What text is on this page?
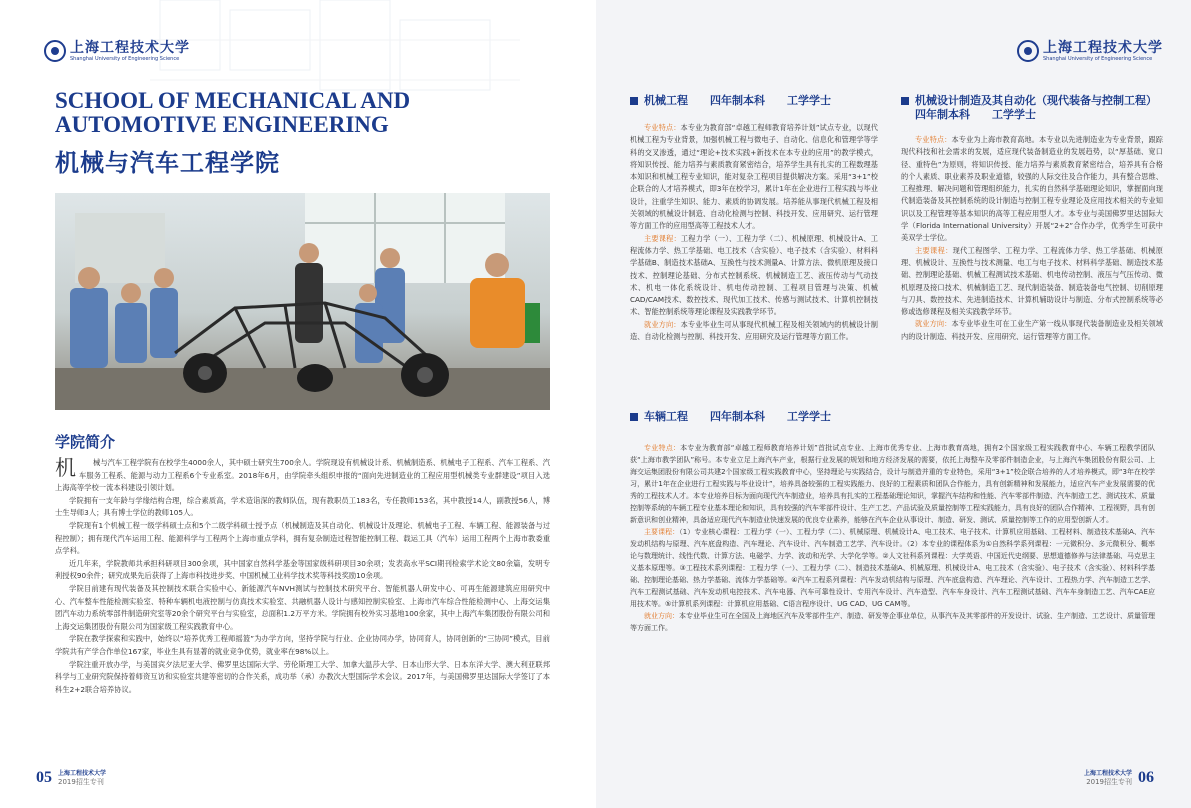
上海工程技术大学
Shanghai University of Engineering Science
SCHOOL OF MECHANICAL AND
AUTOMOTIVE ENGINEERING
机械与汽车工程学院
学院简介

机 械与汽车工程学院有在校学生4000余人，其中硕士研究生700余人。学院现设有机械设计系、机械制造系、机械电子工程系、汽车工程系、汽车服务工程系、能源与动力工程系6个专业系室。2018年6月，由学院牵头组织申报的“面向先进制造业的工程应用型机械类专业群建设”项目入选上海高等学校一流本科建设引领计划。

学院拥有一支年龄与学缘结构合理，综合素质高，学术造诣深的教师队伍，现有教职员工183名，专任教师153名，其中教授14人，副教授56人，博士生导师3人；具有博士学位的教师105人。

学院现有1个机械工程一级学科硕士点和5个二级学科硕士授予点（机械制造及其自动化、机械设计及理论、机械电子工程、车辆工程、能源装备与过程控制）；拥有现代汽车运用工程、能源科学与工程两个上海市重点学科，拥有复杂制造过程智能控制工程、载运工具（汽车）运用工程两个上海市教委重点学科。

近几年来，学院教师共承担科研项目300余项，其中国家自然科学基金等国家级科研项目30余项；发表高水平SCI期刊检索学术论文80余篇，发明专利授权90余件；研究成果先后获得了上海市科技进步奖、中国机械工业科学技术奖等科技奖励10余项。

学院目前建有现代装备及其控制技术联合实验中心、新能源汽车NVH测试与控制技术研究平台、智能机器人研发中心、可再生能源建筑应用研究中心、汽车整车性能检测实验室、特种车辆机电液控制与仿真技术实验室、共融机器人设计与感知控制实验室、上海市汽车综合性能检测中心、上海交运集团汽车动力系统零部件制造研究室等20余个研究平台与实验室，总面积1.2万平方米。学院拥有校外实习基地100余家，其中上海汽车集团股份有限公司和上海交运集团股份有限公司为国家级工程实践教育中心。

学院在教学探索和实践中，始终以“培养优秀工程师摇篮”为办学方向，坚持学院与行业、企业协同办学，协同育人，协同创新的“三协同”模式，目前学院共有产学合作单位167家，毕业生具有显著的就业竞争优势，就业率在98%以上。

学院注重开放办学，与美国宾夕法尼亚大学、佛罗里达国际大学、劳伦斯理工大学、加拿大温莎大学、日本山形大学、日本东洋大学、澳大利亚联邦科学与工业研究院保持着师资互访和实验室共建等密切的合作关系，成功举（承）办教次大型国际学术会议。2017年，与美国佛罗里达国际大学签订了本科生2+2联合培养协议。

05 上海工程技术大学
2019招生专刊
上海工程技术大学
Shanghai University of Engineering Science
上海工程技术大学
2019招生专刊 06
机械工程　　四年制本科　　工学学士

专业特点：本专业为教育部“卓越工程师教育培养计划”试点专业，以现代机械工程为专业背景，加强机械工程与微电子、自动化、信息化和管理学等学科的交叉渗透，通过“理论+技术实践+新技术在本专业的应用”的教学模式，将知识传授、能力培养与素质教育紧密结合，培养学生具有扎实的工程数理基本知识和机械工程专业知识，能对复杂工程项目提供解决方案。采用“3+1”校企联合的人才培养模式，即3年在校学习，累计1年在企业进行工程实践与毕业设计，注重学生知识、能力、素质的协调发展。培养能从事现代机械工程及相关领域的机械设计制造、自动化检测与控制、科技开发、应用研究、运行管理等方面工作的应用型高等工程技术人才。

主要课程：工程力学（一）、工程力学（二）、机械原理、机械设计A、工程流体力学、热工学基础、电工技术（含实验）、电子技术（含实验）、材料科学基础B、制造技术基础A、互换性与技术测量A、计算方法、微机原理及接口技术、控制理论基础、分布式控制系统、机械制造工艺、液压传动与气动技术、机电一体化系统设计、机电传动控制、工程项目管理与决策、机械CAD/CAM技术、数控技术、现代加工技术、传感与测试技术、计算机控制技术、智能控制系统等理论课程及实践教学环节。

就业方向：本专业毕业生可从事现代机械工程及相关领域内的机械设计制造、自动化检测与控制、科技开发、应用研究及运行管理等方面工作。

机械设计制造及其自动化（现代装备与控制工程）　四年制本科　　工学学士

专业特点：本专业为上海市教育高地。本专业以先进制造业为专业背景，跟踪现代科技和社会需求的发展，适应现代装备制造业的发展趋势，以“厚基础、宽口径、重特色”为原则，将知识传授、能力培养与素质教育紧密结合，培养具有合格的个人素质、职业素养及职业道德，较强的人际交往及合作能力，具有整合思维、工程推理、解决问题和管理组织能力，扎实的自然科学基础理论知识，掌握面向现代制造装备及其控制系统的设计制造与控制工程专业理论及应用技术相关的专业知识以及工程管理等基本知识的高等工程应用型人才。本专业与美国佛罗里达国际大学（Florida International University）开展“2+2”合作办学，优秀学生可获中美双学士学位。

主要课程：现代工程图学、工程力学、工程流体力学、热工学基础、机械原理、机械设计、互换性与技术测量、电工与电子技术、材料科学基础、制造技术基础、控制理论基础、机械工程测试技术基础、机电传动控制、液压与气压传动、微机原理及接口技术、机械制造工艺、现代制造装备、制造装备电气控制、切削原理与刀具、数控技术、先进制造技术、计算机辅助设计与制造、分布式控制系统等必修或选修课程及相关实践教学环节。

就业方向：本专业毕业生可在工业生产第一线从事现代装备制造业及相关领域内的设计制造、科技开发、应用研究、运行管理等方面工作。

车辆工程　　四年制本科　　工学学士

专业特点：本专业为教育部“卓越工程师教育培养计划”首批试点专业、上海市优秀专业、上海市教育高地，拥有2个国家级工程实践教育中心、车辆工程教学团队获“上海市教学团队”称号。本专业立足上海汽车产业，根据行业发展的规划和地方经济发展的需要，依托上海整车及零部件制造企业，与上海汽车集团股份有限公司、上海交运集团股份有限公司共建2个国家级工程实践教育中心，坚持理论与实践结合，设计与制造并重的专业特色，采用“3+1”校企联合培养的人才培养模式，即“3年在校学习，累计1年在企业进行工程实践与毕业设计”，培养具备较强的工程实践能力、良好的工程素质和团队合作能力，具有创新精神和发展能力，适应汽车产业发展需要的优秀的工程技术人才。本专业培养目标为面向现代汽车制造业，培养具有扎实的工程基础理论知识，掌握汽车结构和性能、汽车零部件制造、汽车制造工艺、测试技术、质量控制等系统的车辆工程专业基本理论和知识，具有较强的汽车零部件设计、生产工艺、产品试验及质量控制等工程实践能力，具有良好的团队合作精神、工程视野，具有创新意识和创业精神，具备适应现代汽车制造业快速发展的优良专业素养，能够在汽车企业从事设计、制造、研发、测试、质量控制等工作的应用型创新人才。

主要课程：（1）专业核心课程：工程力学（一）、工程力学（二）、机械原理、机械设计A、电工技术、电子技术、计算机应用基础、工程材料、制造技术基础A、汽车发动机结构与原理、汽车底盘构造、汽车理论、汽车设计、汽车制造工艺学、汽车设计。（2）本专业的课程体系为①自然科学系列课程：一元微积分、多元微积分、概率论与数理统计、线性代数、计算方法、电磁学、力学、波动和光学、大学化学等。②人文社科系列课程：大学英语、中国近代史纲要、思想道德修养与法律基础、马克思主义基本原理等。③工程技术系列课程：工程力学（一）、工程力学（二）、制造技术基础A、机械原理、机械设计A、电工技术（含实验）、电子技术（含实验）、材料科学基础、控制理论基础、热力学基础、流体力学基础等。④汽车工程系列课程：汽车发动机结构与原理、汽车底盘构造、汽车理论、汽车设计、工程热力学、汽车制造工艺学、汽车工程测试基础、汽车发动机电控技术、汽车电器、汽车可靠性设计、专用汽车设计、汽车造型、汽车车身设计、汽车工程测试基础、汽车车身制造工艺、汽车CAE应用技术等。⑤计算机系列课程：计算机应用基础、C语言程序设计、UG CAD、UG CAM等。

就业方向：本专业毕业生可在全国及上海地区汽车及零部件生产、制造、研发等企事业单位，从事汽车及其零部件的开发设计、试验、生产制造、工艺设计、质量管理等方面工作。
